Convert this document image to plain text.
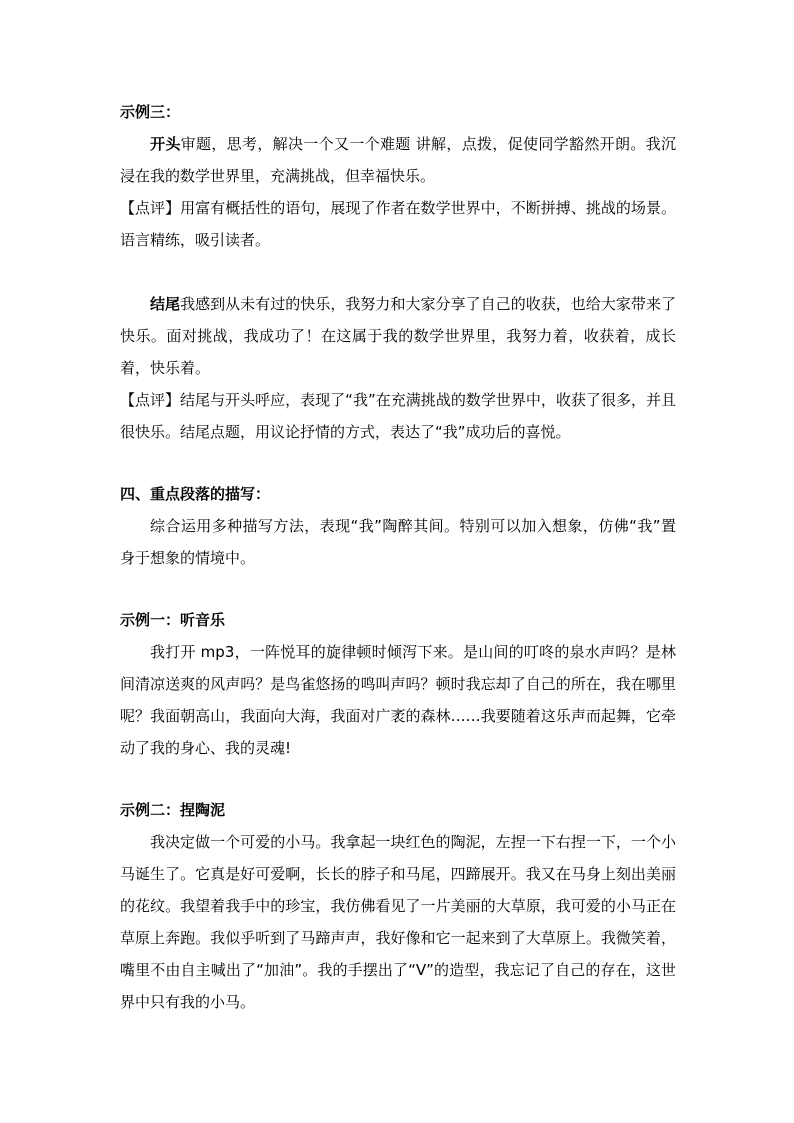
示例三：

开头审题，思考，解决一个又一个难题 讲解，点拨，促使同学豁然开朗。我沉浸在我的数学世界里，充满挑战，但幸福快乐。

【点评】用富有概括性的语句，展现了作者在数学世界中，不断拼搏、挑战的场景。语言精练，吸引读者。

结尾我感到从未有过的快乐，我努力和大家分享了自己的收获，也给大家带来了快乐。面对挑战，我成功了！在这属于我的数学世界里，我努力着，收获着，成长着，快乐着。

【点评】结尾与开头呼应，表现了“我”在充满挑战的数学世界中，收获了很多，并且很快乐。结尾点题，用议论抒情的方式，表达了“我”成功后的喜悦。

四、重点段落的描写：

综合运用多种描写方法，表现“我”陶醉其间。特别可以加入想象，仿佛“我”置身于想象的情境中。

示例一：听音乐

我打开 mp3，一阵悦耳的旋律顿时倾泻下来。是山间的叮咚的泉水声吗？是林间清凉送爽的风声吗？是鸟雀悠扬的鸣叫声吗？顿时我忘却了自己的所在，我在哪里呢？我面朝高山，我面向大海，我面对广袤的森林……我要随着这乐声而起舞，它牵动了我的身心、我的灵魂!

示例二：捏陶泥

我决定做一个可爱的小马。我拿起一块红色的陶泥，左捏一下右捏一下，一个小马诞生了。它真是好可爱啊，长长的脖子和马尾，四蹄展开。我又在马身上刻出美丽的花纹。我望着我手中的珍宝，我仿佛看见了一片美丽的大草原，我可爱的小马正在草原上奔跑。我似乎听到了马蹄声声，我好像和它一起来到了大草原上。我微笑着，嘴里不由自主喊出了“加油”。我的手摆出了“V”的造型，我忘记了自己的存在，这世界中只有我的小马。
